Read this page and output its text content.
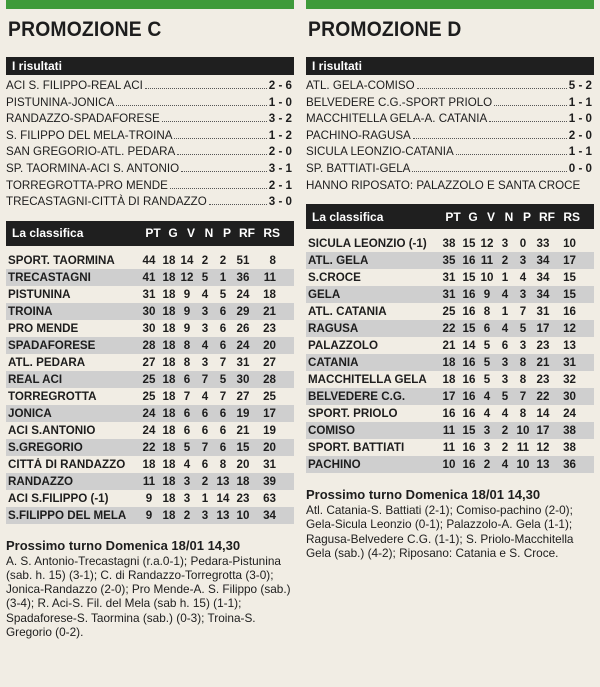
PROMOZIONE C
I risultati
ACI S. FILIPPO-REAL ACI	2 - 6
PISTUNINA-JONICA	1 - 0
RANDAZZO-SPADAFORESE	3 - 2
S. FILIPPO DEL MELA-TROINA	1 - 2
SAN GREGORIO-ATL. PEDARA	2 - 0
SP. TAORMINA-ACI S. ANTONIO	3 - 1
TORREGROTTA-PRO MENDE	2 - 1
TRECASTAGNI-CITTÀ DI RANDAZZO	3 - 0
La classifica	PT G V N P RF RS
SPORT. TAORMINA	44 18 14 2 2 51	8
TRECASTAGNI	41 18 12 5 1 36	11
PISTUNINA	31 18 9 4 5 24	18
TROINA	30 18 9 3 6 29	21
PRO MENDE	30 18 9 3 6 26	23
SPADAFORESE	28 18 8 4 6 24	20
ATL. PEDARA	27 18 8 3 7 31	27
REAL ACI	25 18 6 7 5 30	28
TORREGROTTA	25 18 7 4 7 27	25
JONICA	24 18 6 6 6 19	17
ACI S.ANTONIO	24 18 6 6 6 21	19
S.GREGORIO	22 18 5 7 6 15	20
CITTÀ DI RANDAZZO	18 18 4 6 8 20	31
RANDAZZO	11 18 3 2 13 18	39
ACI S.FILIPPO (-1)	9 18 3 1 14 23	63
S.FILIPPO DEL MELA	9 18 2 3 13 10	34
Prossimo turno Domenica 18/01 14,30
A. S. Antonio-Trecastagni (r.a.0-1); Pedara-Pistunina (sab. h. 15) (3-1); C. di Randazzo-Torregrotta (3-0); Jonica-Randazzo (2-0); Pro Mende-A. S. Filippo (sab.) (3-4); R. Aci-S. Fil. del Mela (sab h. 15) (1-1); Spadaforese-S. Taormina (sab.) (0-3); Troina-S. Gregorio (0-2).
PROMOZIONE D
I risultati
ATL. GELA-COMISO	5 - 2
BELVEDERE C.G.-SPORT PRIOLO	1 - 1
MACCHITELLA GELA-A. CATANIA	1 - 0
PACHINO-RAGUSA	2 - 0
SICULA LEONZIO-CATANIA	1 - 1
SP. BATTIATI-GELA	0 - 0
HANNO RIPOSATO: PALAZZOLO E SANTA CROCE
La classifica	PT G V N P RF RS
SICULA LEONZIO (-1)	38 15 12 3 0 33	10
ATL. GELA	35 16 11 2 3 34	17
S.CROCE	31 15 10 1 4 34	15
GELA	31 16 9 4 3 34	15
ATL. CATANIA	25 16 8 1 7 31	16
RAGUSA	22 15 6 4 5 17	12
PALAZZOLO	21 14 5 6 3 23	13
CATANIA	18 16 5 3 8 21	31
MACCHITELLA GELA	18 16 5 3 8 23	32
BELVEDERE C.G.	17 16 4 5 7 22	30
SPORT. PRIOLO	16 16 4 4 8 14	24
COMISO	11 15 3 2 10 17	38
SPORT. BATTIATI	11 16 3 2 11 12	38
PACHINO	10 16 2 4 10 13	36
Prossimo turno Domenica 18/01 14,30
Atl. Catania-S. Battiati (2-1); Comiso-pachino (2-0); Gela-Sicula Leonzio (0-1); Palazzolo-A. Gela (1-1); Ragusa-Belvedere C.G. (1-1); S. Priolo-Macchitella Gela (sab.) (4-2); Riposano: Catania e S. Croce.
